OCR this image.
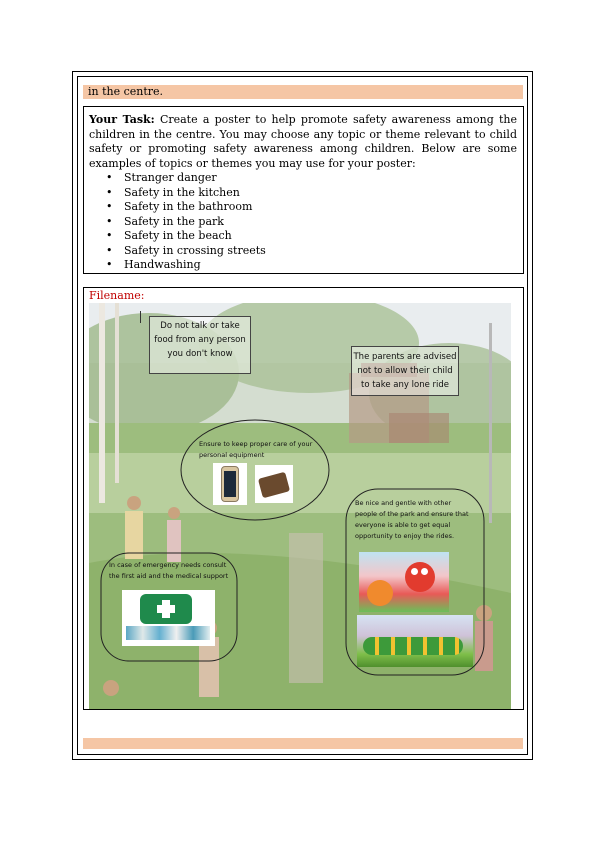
in the centre.

Your Task: Create a poster to help promote safety awareness among the children in the centre. You may choose any topic or theme relevant to child safety or promoting safety awareness among children. Below are some examples of topics or themes you may use for your poster:

• Stranger danger
• Safety in the kitchen
• Safety in the bathroom
• Safety in the park
• Safety in the beach
• Safety in crossing streets
• Handwashing
Filename:
Do not talk or take food from any person you don't know	The parents are advised not to allow their child to take any lone ride
Ensure to keep proper care of your personal equipment
In case of emergency needs consult the first aid and the medical support
Be nice and gentle with other people of the park and ensure that everyone is able to get equal opportunity to enjoy the rides.
